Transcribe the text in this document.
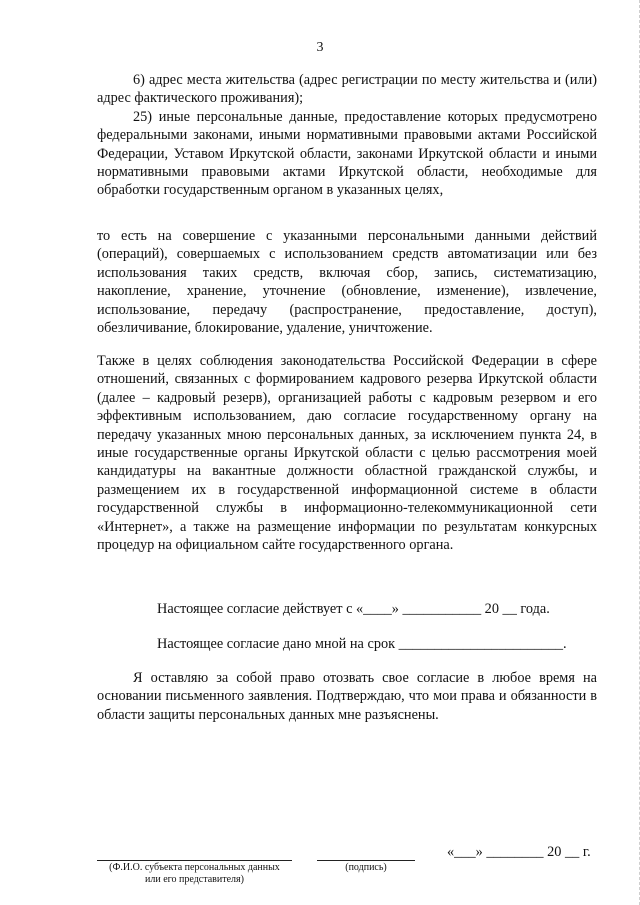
3

6) адрес места жительства (адрес регистрации по месту жительства и (или) адрес фактического проживания);

25) иные персональные данные, предоставление которых предусмотрено федеральными законами, иными нормативными правовыми актами Российской Федерации, Уставом Иркутской области, законами Иркутской области и иными нормативными правовыми актами Иркутской области, необходимые для обработки государственным органом в указанных целях,

то есть на совершение с указанными персональными данными действий (операций), совершаемых с использованием средств автоматизации или без использования таких средств, включая сбор, запись, систематизацию, накопление, хранение, уточнение (обновление, изменение), извлечение, использование, передачу (распространение, предоставление, доступ), обезличивание, блокирование, удаление, уничтожение.

Также в целях соблюдения законодательства Российской Федерации в сфере отношений, связанных с формированием кадрового резерва Иркутской области (далее – кадровый резерв), организацией работы с кадровым резервом и его эффективным использованием, даю согласие государственному органу на передачу указанных мною персональных данных, за исключением пункта 24, в иные государственные органы Иркутской области с целью рассмотрения моей кандидатуры на вакантные должности областной гражданской службы, и размещением их в государственной информационной системе в области государственной службы в информационно-телекоммуникационной сети «Интернет», а также на размещение информации по результатам конкурсных процедур на официальном сайте государственного органа.

Настоящее согласие действует с «____» ___________ 20 __ года.
Настоящее согласие дано мной на срок _______________________.

Я оставляю за собой право отозвать свое согласие в любое время на основании письменного заявления. Подтверждаю, что мои права и обязанности в области защиты персональных данных мне разъяснены.

(Ф.И.О. субъекта персональных данных
или его представителя)
(подпись)
«___» ________ 20 __ г.
